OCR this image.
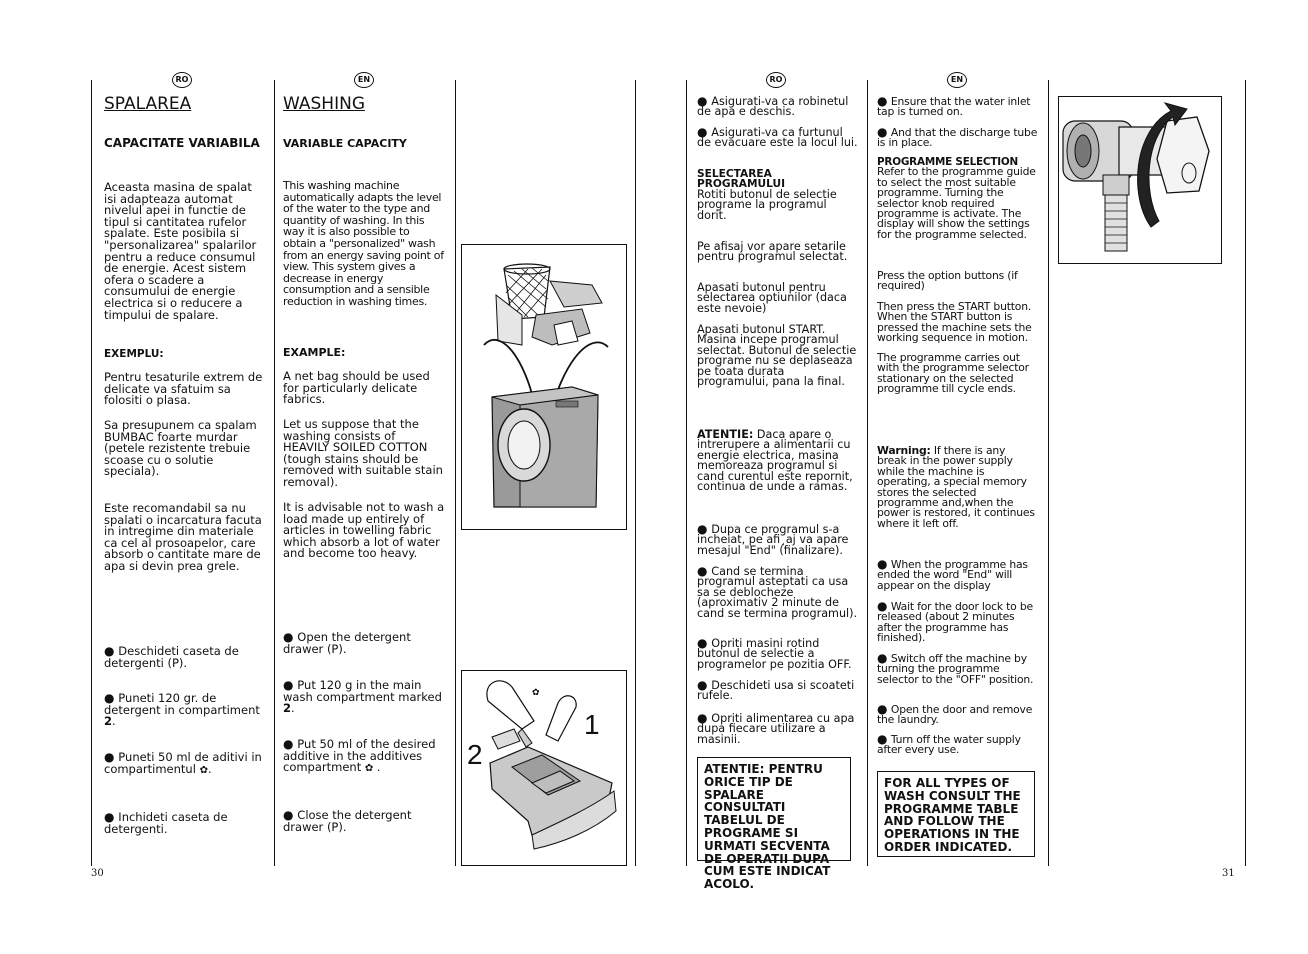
RO	EN	RO	EN
SPALAREA
CAPACITATE VARIABILA
Aceasta masina de spalat isi adapteaza automat nivelul apei in functie de tipul si cantitatea rufelor spalate. Este posibila si "personalizarea" spalarilor pentru a reduce consumul de energie. Acest sistem ofera o scadere a consumului de energie electrica si o reducere a timpului de spalare.
EXEMPLU:
Pentru tesaturile extrem de delicate va sfatuim sa folositi o plasa.
Sa presupunem ca spalam BUMBAC foarte murdar (petele rezistente trebuie scoase cu o solutie speciala).
Este recomandabil sa nu spalati o incarcatura facuta in intregime din materiale ca cel al prosoapelor, care absorb o cantitate mare de apa si devin prea grele.
● Deschideti caseta de detergenti (P).
● Puneti 120 gr. de detergent in compartiment 2.
● Puneti 50 ml de aditivi in compartimentul ✿.
● Inchideti caseta de detergenti.
WASHING
VARIABLE CAPACITY
This washing machine automatically adapts the level of the water to the type and quantity of washing. In this way it is also possible to obtain a "personalized" wash from an energy saving point of view. This system gives a decrease in energy consumption and a sensible reduction in washing times.
EXAMPLE:
A net bag should be used for particularly delicate fabrics.
Let us suppose that the washing consists of HEAVILY SOILED COTTON (tough stains should be removed with suitable stain removal).
It is advisable not to wash a load made up entirely of articles in towelling fabric which absorb a lot of water and become too heavy.
● Open the detergent drawer (P).
● Put 120 g in the main wash compartment marked 2.
● Put 50 ml of the desired additive in the additives compartment ✿ .
● Close the detergent drawer (P).
✿
1
2
30
● Asigurati-va ca robinetul de apa e deschis.
● Asigurati-va ca furtunul de evacuare este la locul lui.
SELECTAREA PROGRAMULUI
Rotiti butonul de selectie programe la programul dorit.
Pe afisaj vor apare setarile pentru programul selectat.
Apasati butonul pentru selectarea optiunilor (daca este nevoie)
Apasati butonul START. Masina incepe programul selectat. Butonul de selectie programe nu se deplaseaza pe toata durata programului, pana la final.
ATENTIE: Daca apare o intrerupere a alimentarii cu energie electrica, masina memoreaza programul si cand curentul este repornit, continua de unde a ramas.
● Dupa ce programul s-a incheiat, pe afi¸aj va apare mesajul "End" (finalizare).
● Cand se termina programul asteptati ca usa sa se deblocheze (aproximativ 2 minute de cand se termina programul).
● Opriti masini rotind butonul de selectie a programelor pe pozitia OFF.
● Deschideti usa si scoateti rufele.
● Opriti alimentarea cu apa dupa fiecare utilizare a masinii.
ATENTIE: PENTRU ORICE TIP DE SPALARE CONSULTATI TABELUL DE PROGRAME SI URMATI SECVENTA DE OPERATII DUPA CUM ESTE INDICAT ACOLO.
● Ensure that the water inlet tap is turned on.
● And that the discharge tube is in place.
PROGRAMME SELECTION
Refer to the programme guide to select the most suitable programme. Turning the selector knob required programme is activate. The display will show the settings for the programme selected.
Press the option buttons (if required)
Then press the START button. When the START button is pressed the machine sets the working sequence in motion.
The programme carries out with the programme selector stationary on the selected programme till cycle ends.
Warning: If there is any break in the power supply while the machine is operating, a special memory stores the selected programme and,when the power is restored, it continues where it left off.
● When the programme has ended the word "End" will appear on the display
● Wait for the door lock to be released (about 2 minutes after the programme has finished).
● Switch off the machine by turning the programme selector to the "OFF" position.
● Open the door and remove the laundry.
● Turn off the water supply after every use.
FOR ALL TYPES OF WASH CONSULT THE PROGRAMME TABLE AND FOLLOW THE OPERATIONS IN THE ORDER INDICATED.
31
